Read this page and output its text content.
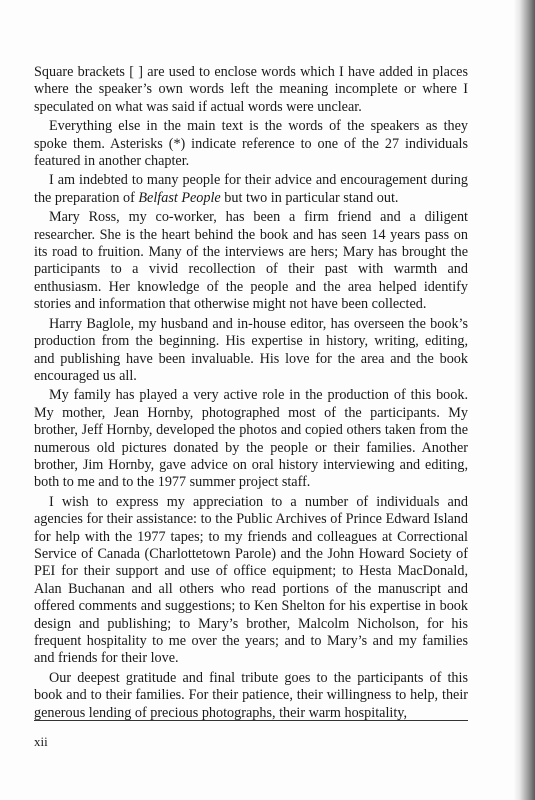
Square brackets [ ] are used to enclose words which I have added in places where the speaker’s own words left the meaning incomplete or where I speculated on what was said if actual words were unclear.

Everything else in the main text is the words of the speakers as they spoke them. Asterisks (*) indicate reference to one of the 27 individuals featured in another chapter.

I am indebted to many people for their advice and encouragement during the preparation of Belfast People but two in particular stand out.

Mary Ross, my co-worker, has been a firm friend and a diligent researcher. She is the heart behind the book and has seen 14 years pass on its road to fruition. Many of the interviews are hers; Mary has brought the participants to a vivid recollection of their past with warmth and enthusiasm. Her knowledge of the people and the area helped identify stories and information that otherwise might not have been collected.

Harry Baglole, my husband and in-house editor, has overseen the book’s production from the beginning. His expertise in history, writing, editing, and publishing have been invaluable. His love for the area and the book encouraged us all.

My family has played a very active role in the production of this book. My mother, Jean Hornby, photographed most of the participants. My brother, Jeff Hornby, developed the photos and copied others taken from the numerous old pictures donated by the people or their families. Another brother, Jim Hornby, gave advice on oral history interviewing and editing, both to me and to the 1977 summer project staff.

I wish to express my appreciation to a number of individuals and agencies for their assistance: to the Public Archives of Prince Edward Island for help with the 1977 tapes; to my friends and colleagues at Correctional Service of Canada (Charlottetown Parole) and the John Howard Society of PEI for their support and use of office equipment; to Hesta MacDonald, Alan Buchanan and all others who read portions of the manuscript and offered comments and suggestions; to Ken Shelton for his expertise in book design and publishing; to Mary’s brother, Malcolm Nicholson, for his frequent hospitality to me over the years; and to Mary’s and my families and friends for their love.

Our deepest gratitude and final tribute goes to the participants of this book and to their families. For their patience, their willingness to help, their generous lending of precious photographs, their warm hospitality,

xii
